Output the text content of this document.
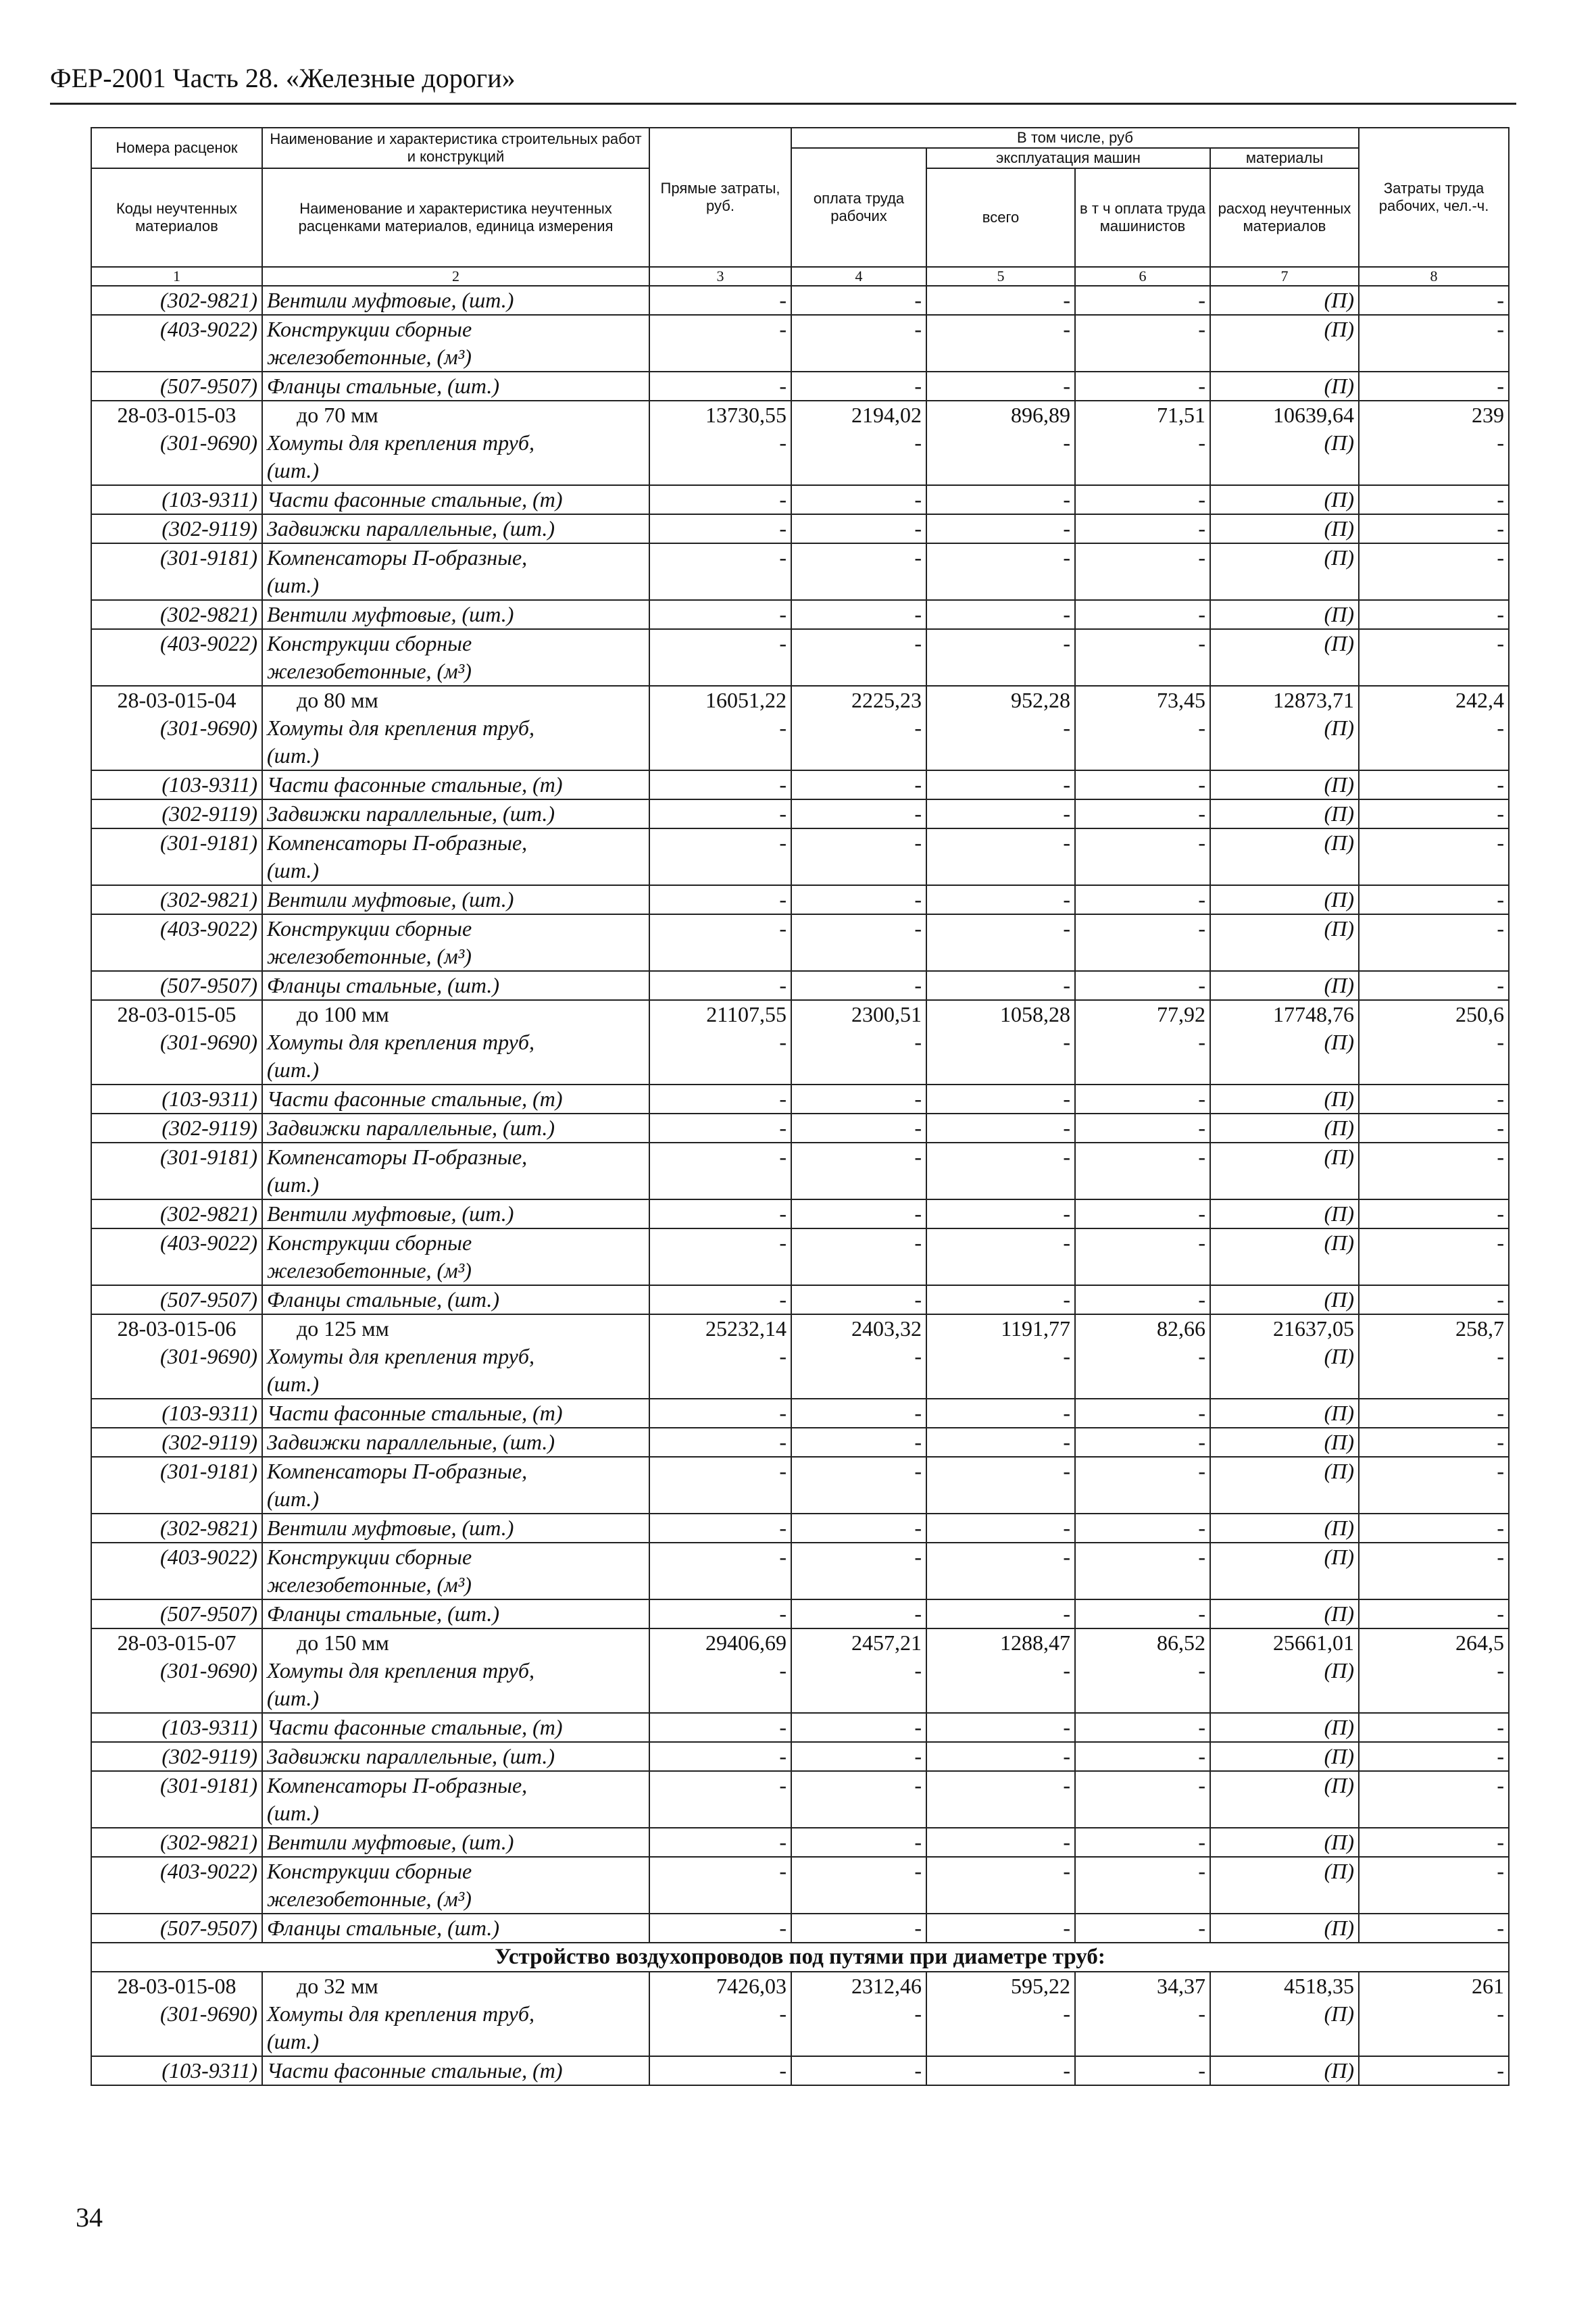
ФЕР-2001 Часть 28. «Железные дороги»
Номера расценок	Наименование и характеристика строительных работ и конструкций	Прямые затраты, руб.	В том числе, руб				Затраты труда рабочих, чел.-ч.
			оплата труда рабочих	эксплуатация машин		материалы	
Коды неучтенных материалов	Наименование и характеристика неучтенных расценками материалов, единица измерения			всего	в т ч оплата труда машинистов	расход неучтенных материалов	
1	2	3	4	5	6	7	8
(302-9821)	Вентили муфтовые, (шт.)	-	-	-	-	(П)	-
(403-9022)	Конструкции сборные	-	-	-	-	(П)	-
	железобетонные, (м³)						
(507-9507)	Фланцы стальные, (шт.)	-	-	-	-	(П)	-
28-03-015-03	до 70 мм	13730,55	2194,02	896,89	71,51	10639,64	239
(301-9690)	Хомуты для крепления труб,	-	-	-	-	(П)	-
	(шт.)						
(103-9311)	Части фасонные стальные, (т)	-	-	-	-	(П)	-
(302-9119)	Задвижки параллельные, (шт.)	-	-	-	-	(П)	-
(301-9181)	Компенсаторы П-образные,	-	-	-	-	(П)	-
	(шт.)						
(302-9821)	Вентили муфтовые, (шт.)	-	-	-	-	(П)	-
(403-9022)	Конструкции сборные	-	-	-	-	(П)	-
	железобетонные, (м³)						
28-03-015-04	до 80 мм	16051,22	2225,23	952,28	73,45	12873,71	242,4
(301-9690)	Хомуты для крепления труб,	-	-	-	-	(П)	-
	(шт.)						
(103-9311)	Части фасонные стальные, (т)	-	-	-	-	(П)	-
(302-9119)	Задвижки параллельные, (шт.)	-	-	-	-	(П)	-
(301-9181)	Компенсаторы П-образные,	-	-	-	-	(П)	-
	(шт.)						
(302-9821)	Вентили муфтовые, (шт.)	-	-	-	-	(П)	-
(403-9022)	Конструкции сборные	-	-	-	-	(П)	-
	железобетонные, (м³)						
(507-9507)	Фланцы стальные, (шт.)	-	-	-	-	(П)	-
28-03-015-05	до 100 мм	21107,55	2300,51	1058,28	77,92	17748,76	250,6
(301-9690)	Хомуты для крепления труб,	-	-	-	-	(П)	-
	(шт.)						
(103-9311)	Части фасонные стальные, (т)	-	-	-	-	(П)	-
(302-9119)	Задвижки параллельные, (шт.)	-	-	-	-	(П)	-
(301-9181)	Компенсаторы П-образные,	-	-	-	-	(П)	-
	(шт.)						
(302-9821)	Вентили муфтовые, (шт.)	-	-	-	-	(П)	-
(403-9022)	Конструкции сборные	-	-	-	-	(П)	-
	железобетонные, (м³)						
(507-9507)	Фланцы стальные, (шт.)	-	-	-	-	(П)	-
28-03-015-06	до 125 мм	25232,14	2403,32	1191,77	82,66	21637,05	258,7
(301-9690)	Хомуты для крепления труб,	-	-	-	-	(П)	-
	(шт.)						
(103-9311)	Части фасонные стальные, (т)	-	-	-	-	(П)	-
(302-9119)	Задвижки параллельные, (шт.)	-	-	-	-	(П)	-
(301-9181)	Компенсаторы П-образные,	-	-	-	-	(П)	-
	(шт.)						
(302-9821)	Вентили муфтовые, (шт.)	-	-	-	-	(П)	-
(403-9022)	Конструкции сборные	-	-	-	-	(П)	-
	железобетонные, (м³)						
(507-9507)	Фланцы стальные, (шт.)	-	-	-	-	(П)	-
28-03-015-07	до 150 мм	29406,69	2457,21	1288,47	86,52	25661,01	264,5
(301-9690)	Хомуты для крепления труб,	-	-	-	-	(П)	-
	(шт.)						
(103-9311)	Части фасонные стальные, (т)	-	-	-	-	(П)	-
(302-9119)	Задвижки параллельные, (шт.)	-	-	-	-	(П)	-
(301-9181)	Компенсаторы П-образные,	-	-	-	-	(П)	-
	(шт.)						
(302-9821)	Вентили муфтовые, (шт.)	-	-	-	-	(П)	-
(403-9022)	Конструкции сборные	-	-	-	-	(П)	-
	железобетонные, (м³)						
(507-9507)	Фланцы стальные, (шт.)	-	-	-	-	(П)	-
Устройство воздухопроводов под путями при диаметре труб:							
28-03-015-08	до 32 мм	7426,03	2312,46	595,22	34,37	4518,35	261
(301-9690)	Хомуты для крепления труб,	-	-	-	-	(П)	-
	(шт.)						
(103-9311)	Части фасонные стальные, (т)	-	-	-	-	(П)	-
34
